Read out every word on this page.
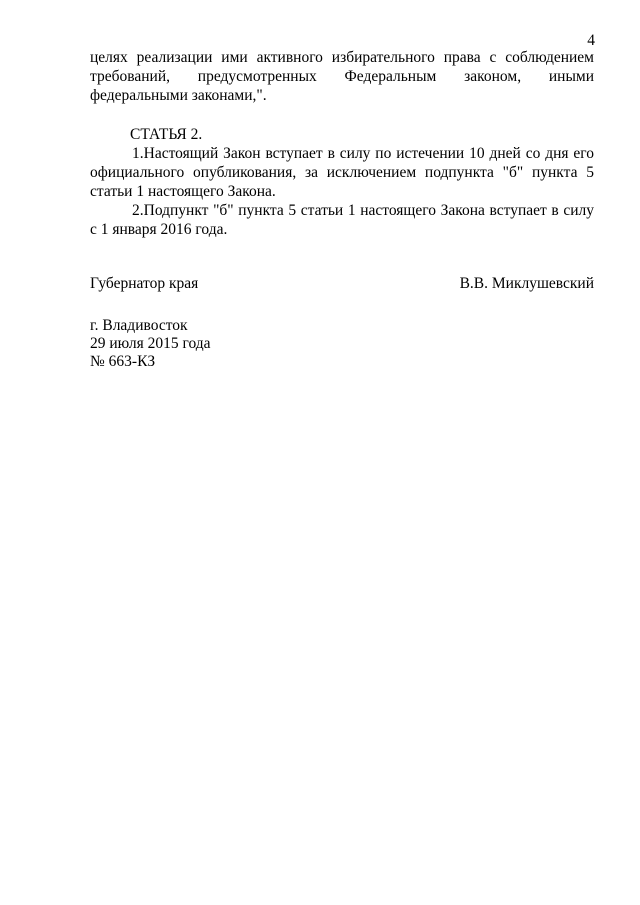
4

целях реализации ими активного избирательного права с соблюдением требований, предусмотренных Федеральным законом, иными федеральными законами,".

СТАТЬЯ 2.

1.Настоящий Закон вступает в силу по истечении 10 дней со дня его официального опубликования, за исключением подпункта "б" пункта 5 статьи 1 настоящего Закона.

2.Подпункт "б" пункта 5 статьи 1 настоящего Закона вступает в силу с 1 января 2016 года.

Губернатор края	В.В. Миклушевский
г. Владивосток
29 июля 2015 года
№ 663-КЗ
